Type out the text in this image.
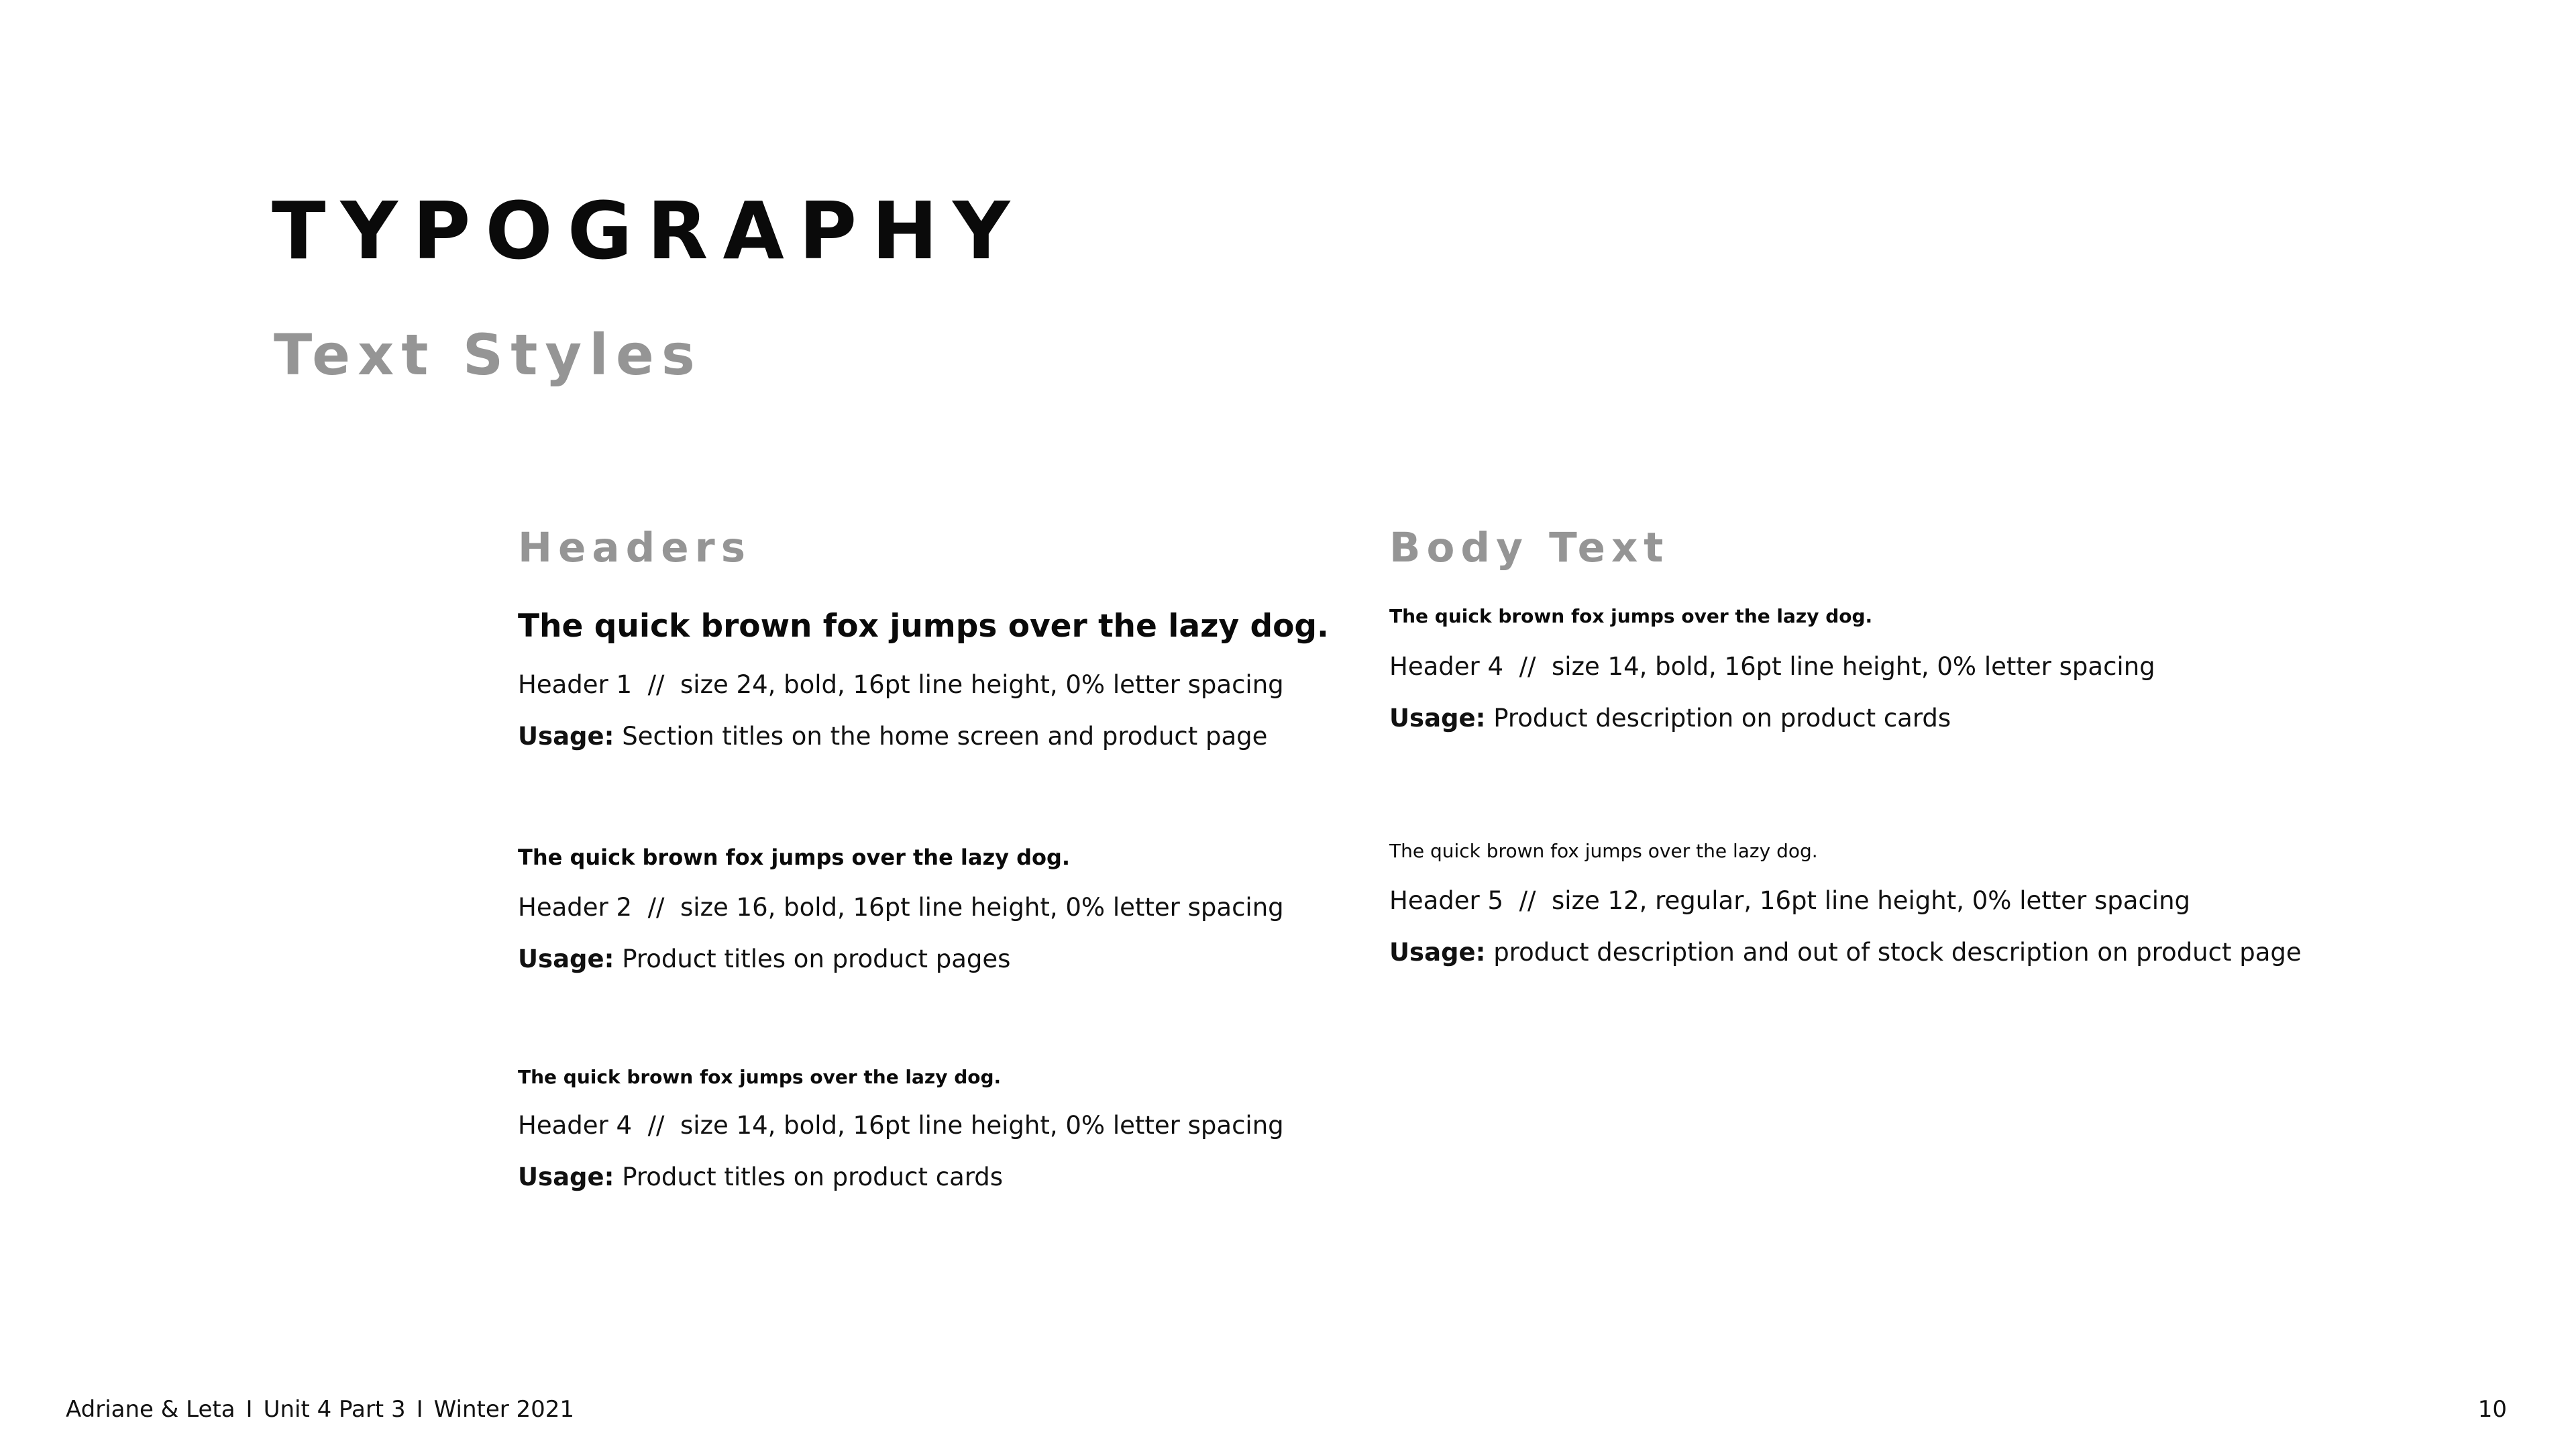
TYPOGRAPHY
Text Styles
Headers
The quick brown fox jumps over the lazy dog.
Header 1 // size 24, bold, 16pt line height, 0% letter spacing
Usage: Section titles on the home screen and product page
The quick brown fox jumps over the lazy dog.
Header 2 // size 16, bold, 16pt line height, 0% letter spacing
Usage: Product titles on product pages
The quick brown fox jumps over the lazy dog.
Header 4 // size 14, bold, 16pt line height, 0% letter spacing
Usage: Product titles on product cards
Body Text
The quick brown fox jumps over the lazy dog.
Header 4 // size 14, bold, 16pt line height, 0% letter spacing
Usage: Product description on product cards
The quick brown fox jumps over the lazy dog.
Header 5 // size 12, regular, 16pt line height, 0% letter spacing
Usage: product description and out of stock description on product page
Adriane & Leta I Unit 4 Part 3 I Winter 2021	10
